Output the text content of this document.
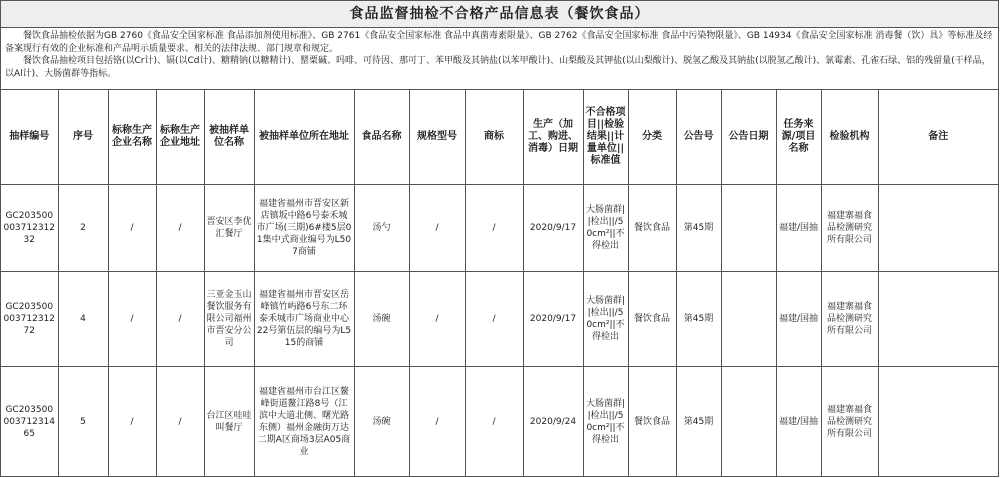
食品监督抽检不合格产品信息表（餐饮食品）

餐饮食品抽检依据为GB 2760《食品安全国家标准 食品添加剂使用标准》、GB 2761《食品安全国家标准 食品中真菌毒素限量》、GB 2762《食品安全国家标准 食品中污染物限量》、GB 14934《食品安全国家标准 消毒餐（饮）具》等标准及经备案现行有效的企业标准和产品明示质量要求、相关的法律法规、部门规章和规定。

餐饮食品抽检项目包括铬(以Cr计)、镉(以Cd计)、糖精钠(以糖精计)、罂粟碱、吗啡、可待因、那可丁、苯甲酸及其钠盐(以苯甲酸计)、山梨酸及其钾盐(以山梨酸计)、脱氢乙酸及其钠盐(以脱氢乙酸计)、氯霉素、孔雀石绿、铝的残留量(干样品，以Al计)、大肠菌群等指标。

抽样编号	序号	标称生产企业名称	标称生产企业地址	被抽样单位名称	被抽样单位所在地址	食品名称	规格型号	商标	生产（加工、购进、消毒）日期	不合格项目||检验结果||计量单位||标准值	分类	公告号	公告日期	任务来源/项目名称	检验机构	备注
GC20350000371231232	2	/	/	晋安区李优汇餐厅	福建省福州市晋安区新店镇坂中路6号泰禾城市广场(三期)6#楼5层01集中式商业编号为L507商铺	汤勺	/	/	2020/9/17	大肠菌群||检出||/50cm²||不得检出	餐饮食品	第45期		福建/国抽	福建寨福食品检测研究所有限公司	
GC20350000371231272	4	/	/	三亚金玉山餐饮服务有限公司福州市晋安分公司	福建省福州市晋安区岳峰镇竹屿路6号东二环泰禾城市广场商业中心22号第伍层的编号为L515的商铺	汤碗	/	/	2020/9/17	大肠菌群||检出||/50cm²||不得检出	餐饮食品	第45期		福建/国抽	福建寨福食品检测研究所有限公司	
GC20350000371231465	5	/	/	台江区哇哇叫餐厅	福建省福州市台江区鳌峰街道鳌江路8号（江滨中大道北侧、曙光路东侧）福州金融街万达二期A区商场3层A05商业	汤碗	/	/	2020/9/24	大肠菌群||检出||/50cm²||不得检出	餐饮食品	第45期		福建/国抽	福建寨福食品检测研究所有限公司	
